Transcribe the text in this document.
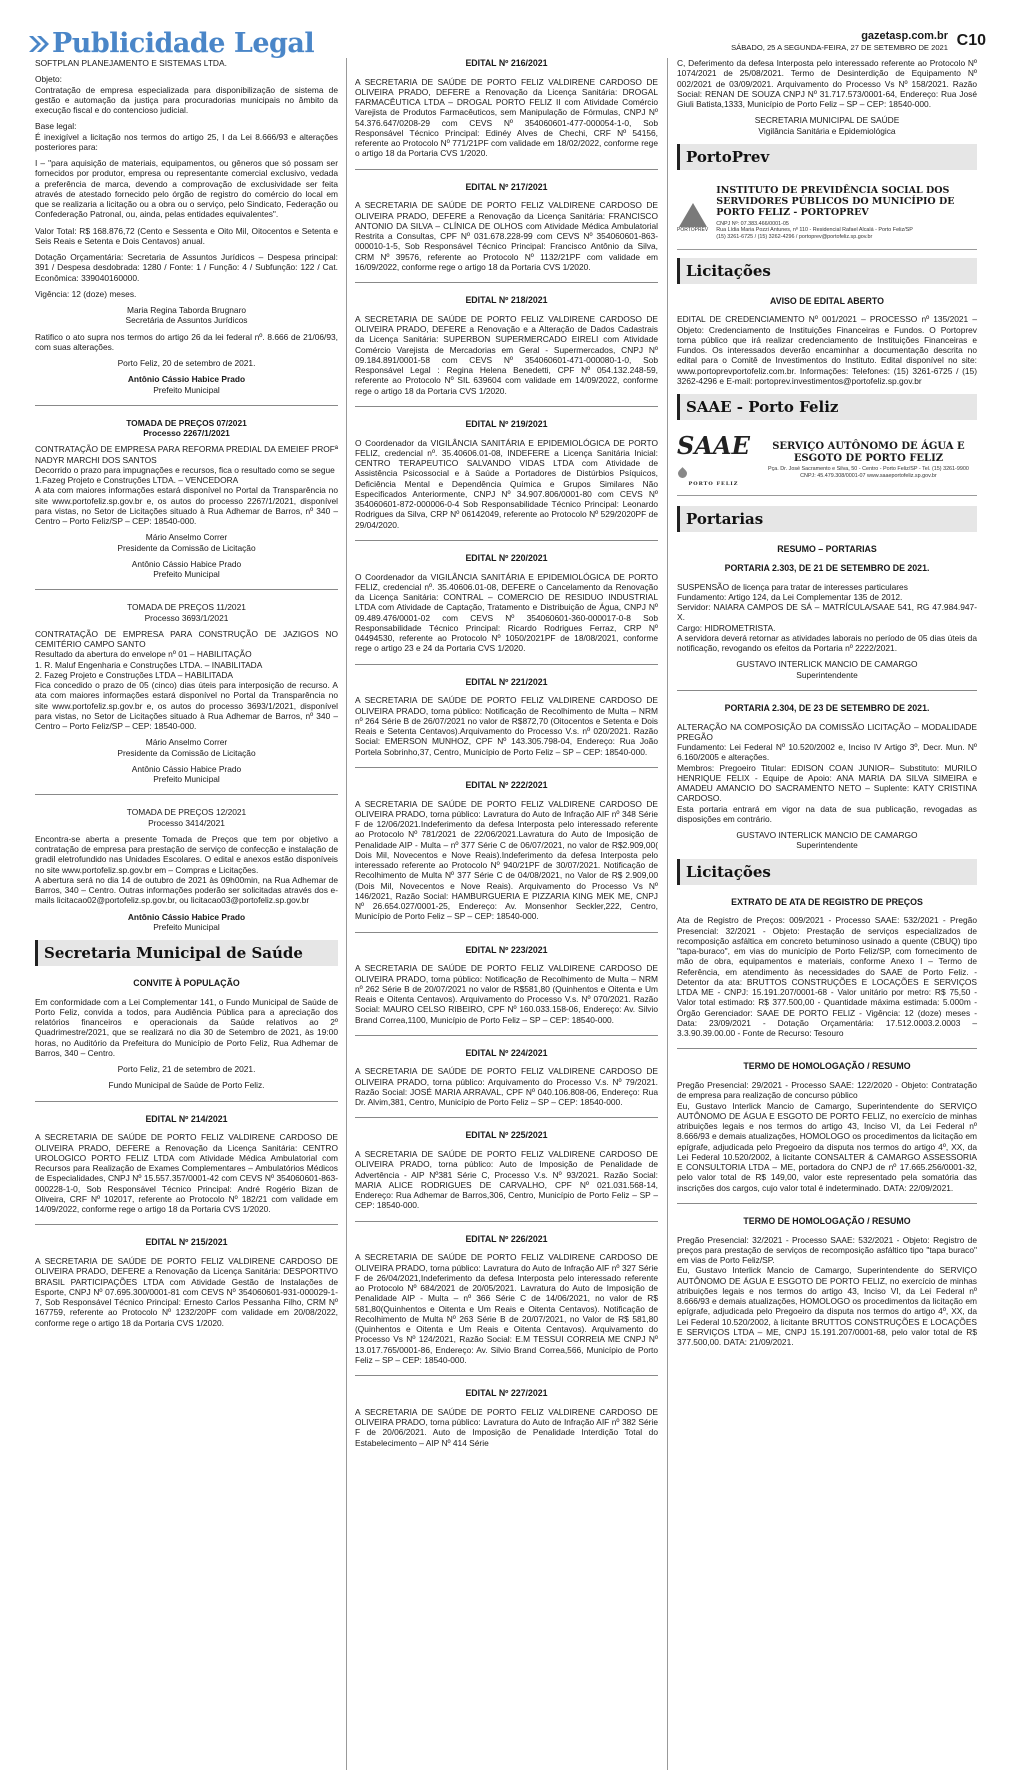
Publicidade Legal	gazetasp.com.br
SÁBADO, 25 A SEGUNDA-FEIRA, 27 DE SETEMBRO DE 2021 C10

SOFTPLAN PLANEJAMENTO E SISTEMAS LTDA.

Objeto:
Contratação de empresa especializada para disponibilização de sistema de gestão e automação da justiça para procuradorias municipais no âmbito da execução fiscal e do contencioso judicial.

Base legal:
É inexigível a licitação nos termos do artigo 25, I da Lei 8.666/93 e alterações posteriores para:

I – "para aquisição de materiais, equipamentos, ou gêneros que só possam ser fornecidos por produtor, empresa ou representante comercial exclusivo, vedada a preferência de marca, devendo a comprovação de exclusividade ser feita através de atestado fornecido pelo órgão de registro do comércio do local em que se realizaria a licitação ou a obra ou o serviço, pelo Sindicato, Federação ou Confederação Patronal, ou, ainda, pelas entidades equivalentes".

Valor Total: R$ 168.876,72 (Cento e Sessenta e Oito Mil, Oitocentos e Setenta e Seis Reais e Setenta e Dois Centavos) anual.

Dotação Orçamentária: Secretaria de Assuntos Jurídicos – Despesa principal: 391 / Despesa desdobrada: 1280 / Fonte: 1 / Função: 4 / Subfunção: 122 / Cat. Econômica: 339040160000.

Vigência: 12 (doze) meses.

Maria Regina Taborda Brugnaro
Secretária de Assuntos Jurídicos

Ratifico o ato supra nos termos do artigo 26 da lei federal nº. 8.666 de 21/06/93, com suas alterações.

Porto Feliz, 20 de setembro de 2021.

Antônio Cássio Habice Prado
Prefeito Municipal
TOMADA DE PREÇOS 07/2021
Processo 2267/1/2021

CONTRATAÇÃO DE EMPRESA PARA REFORMA PREDIAL DA EMEIEF PROFª NADYR MARCHI DOS SANTOS
Decorrido o prazo para impugnações e recursos, fica o resultado como se segue
1.Fazeg Projeto e Construções LTDA. – VENCEDORA
A ata com maiores informações estará disponível no Portal da Transparência no site www.portofeliz.sp.gov.br e, os autos do processo 2267/1/2021, disponível para vistas, no Setor de Licitações situado à Rua Adhemar de Barros, nº 340 – Centro – Porto Feliz/SP – CEP: 18540-000.

Mário Anselmo Correr
Presidente da Comissão de Licitação
Antônio Cássio Habice Prado
Prefeito Municipal
TOMADA DE PREÇOS 11/2021
Processo 3693/1/2021

CONTRATAÇÃO DE EMPRESA PARA CONSTRUÇÃO DE JAZIGOS NO CEMITÉRIO CAMPO SANTO
Resultado da abertura do envelope nº 01 – HABILITAÇÃO
1. R. Maluf Engenharia e Construções LTDA. – INABILITADA
2. Fazeg Projeto e Construções LTDA – HABILITADA
Fica concedido o prazo de 05 (cinco) dias úteis para interposição de recurso. A ata com maiores informações estará disponível no Portal da Transparência no site www.portofeliz.sp.gov.br e, os autos do processo 3693/1/2021, disponível para vistas, no Setor de Licitações situado à Rua Adhemar de Barros, nº 340 – Centro – Porto Feliz/SP – CEP: 18540-000.

Mário Anselmo Correr
Presidente da Comissão de Licitação
Antônio Cássio Habice Prado
Prefeito Municipal
TOMADA DE PREÇOS 12/2021
Processo 3414/2021

Encontra-se aberta a presente Tomada de Preços que tem por objetivo a contratação de empresa para prestação de serviço de confecção e instalação de gradil eletrofundido nas Unidades Escolares. O edital e anexos estão disponíveis no site www.portofeliz.sp.gov.br em – Compras e Licitações.
A abertura será no dia 14 de outubro de 2021 às 09h00min, na Rua Adhemar de Barros, 340 – Centro. Outras informações poderão ser solicitadas através dos e-mails licitacao02@portofeliz.sp.gov.br, ou licitacao03@portofeliz.sp.gov.br

Antônio Cássio Habice Prado
Prefeito Municipal
Secretaria Municipal de Saúde

CONVITE À POPULAÇÃO

Em conformidade com a Lei Complementar 141, o Fundo Municipal de Saúde de Porto Feliz, convida a todos, para Audiência Pública para a apreciação dos relatórios financeiros e operacionais da Saúde relativos ao 2º Quadrimestre/2021, que se realizará no dia 30 de Setembro de 2021, às 19:00 horas, no Auditório da Prefeitura do Município de Porto Feliz, Rua Adhemar de Barros, 340 – Centro.

Porto Feliz, 21 de setembro de 2021.

Fundo Municipal de Saúde de Porto Feliz.

EDITAL Nº 214/2021

A SECRETARIA DE SAÚDE DE PORTO FELIZ VALDIRENE CARDOSO DE OLIVEIRA PRADO, DEFERE a Renovação da Licença Sanitária: CENTRO UROLOGICO PORTO FELIZ LTDA com Atividade Médica Ambulatorial com Recursos para Realização de Exames Complementares – Ambulatórios Médicos de Especialidades, CNPJ Nº 15.557.357/0001-42 com CEVS Nº 354060601-863-000228-1-0, Sob Responsável Técnico Principal: André Rogério Bizan de Oliveira, CRF Nº 102017, referente ao Protocolo Nº 182/21 com validade em 14/09/2022, conforme rege o artigo 18 da Portaria CVS 1/2020.

EDITAL Nº 215/2021

A SECRETARIA DE SAÚDE DE PORTO FELIZ VALDIRENE CARDOSO DE OLIVEIRA PRADO, DEFERE a Renovação da Licença Sanitária: DESPORTIVO BRASIL PARTICIPAÇÕES LTDA com Atividade Gestão de Instalações de Esporte, CNPJ Nº 07.695.300/0001-81 com CEVS Nº 354060601-931-000029-1-7, Sob Responsável Técnico Principal: Ernesto Carlos Pessanha Filho, CRM Nº 167759, referente ao Protocolo Nº 1232/20PF com validade em 20/08/2022, conforme rege o artigo 18 da Portaria CVS 1/2020.

EDITAL Nº 216/2021

A SECRETARIA DE SAÚDE DE PORTO FELIZ VALDIRENE CARDOSO DE OLIVEIRA PRADO, DEFERE a Renovação da Licença Sanitária: DROGAL FARMACÊUTICA LTDA – DROGAL PORTO FELIZ II com Atividade Comércio Varejista de Produtos Farmacêuticos, sem Manipulação de Fórmulas, CNPJ Nº 54.376.647/0208-29 com CEVS Nº 354060601-477-000054-1-0, Sob Responsável Técnico Principal: Edinéy Alves de Chechi, CRF Nº 54156, referente ao Protocolo Nº 771/21PF com validade em 18/02/2022, conforme rege o artigo 18 da Portaria CVS 1/2020.

EDITAL Nº 217/2021

A SECRETARIA DE SAÚDE DE PORTO FELIZ VALDIRENE CARDOSO DE OLIVEIRA PRADO, DEFERE a Renovação da Licença Sanitária: FRANCISCO ANTONIO DA SILVA – CLÍNICA DE OLHOS com Atividade Médica Ambulatorial Restrita a Consultas, CPF Nº 031.678.228-99 com CEVS Nº 354060601-863-000010-1-5, Sob Responsável Técnico Principal: Francisco Antônio da Silva, CRM Nº 39576, referente ao Protocolo Nº 1132/21PF com validade em 16/09/2022, conforme rege o artigo 18 da Portaria CVS 1/2020.

EDITAL Nº 218/2021

A SECRETARIA DE SAÚDE DE PORTO FELIZ VALDIRENE CARDOSO DE OLIVEIRA PRADO, DEFERE a Renovação e a Alteração de Dados Cadastrais da Licença Sanitária: SUPERBON SUPERMERCADO EIRELI com Atividade Comércio Varejista de Mercadorias em Geral - Supermercados, CNPJ Nº 09.184.891/0001-58 com CEVS Nº 354060601-471-000080-1-0, Sob Responsável Legal : Regina Helena Benedetti, CPF Nº 054.132.248-59, referente ao Protocolo Nº SIL 639604 com validade em 14/09/2022, conforme rege o artigo 18 da Portaria CVS 1/2020.

EDITAL Nº 219/2021

O Coordenador da VIGILÂNCIA SANITÁRIA E EPIDEMIOLÓGICA DE PORTO FELIZ, credencial nº. 35.40606.01-08, INDEFERE a Licença Sanitária Inicial: CENTRO TERAPEUTICO SALVANDO VIDAS LTDA com Atividade de Assistência Psicossocial e à Saúde a Portadores de Distúrbios Psíquicos, Deficiência Mental e Dependência Química e Grupos Similares Não Especificados Anteriormente, CNPJ Nº 34.907.806/0001-80 com CEVS Nº 354060601-872-000006-0-4 Sob Responsabilidade Técnico Principal: Leonardo Rodrigues da Silva, CRP Nº 06142049, referente ao Protocolo Nº 529/2020PF de 29/04/2020.

EDITAL Nº 220/2021

O Coordenador da VIGILÂNCIA SANITÁRIA E EPIDEMIOLÓGICA DE PORTO FELIZ, credencial nº. 35.40606.01-08, DEFERE o Cancelamento da Renovação da Licença Sanitária: CONTRAL – COMERCIO DE RESIDUO INDUSTRIAL LTDA com Atividade de Captação, Tratamento e Distribuição de Água, CNPJ Nº 09.489.476/0001-02 com CEVS Nº 354060601-360-000017-0-8 Sob Responsabilidade Técnico Principal: Ricardo Rodrigues Ferraz, CRP Nº 04494530, referente ao Protocolo Nº 1050/2021PF de 18/08/2021, conforme rege o artigo 23 e 24 da Portaria CVS 1/2020.

EDITAL Nº 221/2021

A SECRETARIA DE SAÚDE DE PORTO FELIZ VALDIRENE CARDOSO DE OLIVEIRA PRADO, torna público: Notificação de Recolhimento de Multa – NRM nº 264 Série B de 26/07/2021 no valor de R$872,70 (Oitocentos e Setenta e Dois Reais e Setenta Centavos).Arquivamento do Processo V.s. nº 020/2021. Razão Social: EMERSON MUNHOZ, CPF Nº 143.305.798-04, Endereço: Rua João Portela Sobrinho,37, Centro, Município de Porto Feliz – SP – CEP: 18540-000.

EDITAL Nº 222/2021

A SECRETARIA DE SAÚDE DE PORTO FELIZ VALDIRENE CARDOSO DE OLIVEIRA PRADO, torna público: Lavratura do Auto de Infração AIF nº 348 Série F de 12/06/2021.Indeferimento da defesa Interposta pelo interessado referente ao Protocolo Nº 781/2021 de 22/06/2021.Lavratura do Auto de Imposição de Penalidade AIP - Multa – nº 377 Série C de 06/07/2021, no valor de R$2.909,00( Dois Mil, Novecentos e Nove Reais).Indeferimento da defesa Interposta pelo interessado referente ao Protocolo Nº 940/21PF de 30/07/2021. Notificação de Recolhimento de Multa Nº 377 Série C de 04/08/2021, no Valor de R$ 2.909,00 (Dois Mil, Novecentos e Nove Reais). Arquivamento do Processo Vs Nº 146/2021, Razão Social: HAMBURGUERIA E PIZZARIA KING MEK ME, CNPJ Nº 26.654.027/0001-25, Endereço: Av. Monsenhor Seckler,222, Centro, Município de Porto Feliz – SP – CEP: 18540-000.

EDITAL Nº 223/2021

A SECRETARIA DE SAÚDE DE PORTO FELIZ VALDIRENE CARDOSO DE OLIVEIRA PRADO, torna público: Notificação de Recolhimento de Multa – NRM nº 262 Série B de 20/07/2021 no valor de R$581,80 (Quinhentos e Oitenta e Um Reais e Oitenta Centavos). Arquivamento do Processo V.s. Nº 070/2021. Razão Social: MAURO CELSO RIBEIRO, CPF Nº 160.033.158-06, Endereço: Av. Silvio Brand Correa,1100, Município de Porto Feliz – SP – CEP: 18540-000.

EDITAL Nº 224/2021

A SECRETARIA DE SAÚDE DE PORTO FELIZ VALDIRENE CARDOSO DE OLIVEIRA PRADO, torna público: Arquivamento do Processo V.s. Nº 79/2021. Razão Social: JOSÉ MARIA ARRAVAL, CPF Nº 040.106.808-06, Endereço: Rua Dr. Alvim,381, Centro, Município de Porto Feliz – SP – CEP: 18540-000.

EDITAL Nº 225/2021

A SECRETARIA DE SAÚDE DE PORTO FELIZ VALDIRENE CARDOSO DE OLIVEIRA PRADO, torna público: Auto de Imposição de Penalidade de Advertência - AIP Nº381 Série C, Processo V.s. Nº 93/2021. Razão Social: MARIA ALICE RODRIGUES DE CARVALHO, CPF Nº 021.031.568-14, Endereço: Rua Adhemar de Barros,306, Centro, Município de Porto Feliz – SP – CEP: 18540-000.

EDITAL Nº 226/2021

A SECRETARIA DE SAÚDE DE PORTO FELIZ VALDIRENE CARDOSO DE OLIVEIRA PRADO, torna público: Lavratura do Auto de Infração AIF nº 327 Série F de 26/04/2021,Indeferimento da defesa Interposta pelo interessado referente ao Protocolo Nº 684/2021 de 20/05/2021. Lavratura do Auto de Imposição de Penalidade AIP - Multa – nº 366 Série C de 14/06/2021, no valor de R$ 581,80(Quinhentos e Oitenta e Um Reais e Oitenta Centavos). Notificação de Recolhimento de Multa Nº 263 Série B de 20/07/2021, no Valor de R$ 581,80 (Quinhentos e Oitenta e Um Reais e Oitenta Centavos). Arquivamento do Processo Vs Nº 124/2021, Razão Social: E.M TESSUI CORREIA ME CNPJ Nº 13.017.765/0001-86, Endereço: Av. Silvio Brand Correa,566, Município de Porto Feliz – SP – CEP: 18540-000.

EDITAL Nº 227/2021

A SECRETARIA DE SAÚDE DE PORTO FELIZ VALDIRENE CARDOSO DE OLIVEIRA PRADO, torna público: Lavratura do Auto de Infração AIF nº 382 Série F de 20/06/2021. Auto de Imposição de Penalidade Interdição Total do Estabelecimento – AIP Nº 414 Série

C, Deferimento da defesa Interposta pelo interessado referente ao Protocolo Nº 1074/2021 de 25/08/2021. Termo de Desinterdição de Equipamento Nº 002/2021 de 03/09/2021. Arquivamento do Processo Vs Nº 158/2021. Razão Social: RENAN DE SOUZA CNPJ Nº 31.717.573/0001-64, Endereço: Rua José Giuli Batista,1333, Município de Porto Feliz – SP – CEP: 18540-000.

SECRETARIA MUNICIPAL DE SAÚDE
Vigilância Sanitária e Epidemiológica
PortoPrev
PORTOPREV
INSTITUTO DE PREVIDÊNCIA SOCIAL DOS SERVIDORES PÚBLICOS DO MUNICÍPIO DE PORTO FELIZ - PORTOPREV
CNPJ Nº: 07.383.466/0001-05
Rua Lídia Maria Pozzi Antunes, nº 110 - Residencial Rafael Alcalá - Porto Feliz/SP
(15) 3261-6725 / (15) 3262-4296 / portoprev@portofeliz.sp.gov.br
Licitações

AVISO DE EDITAL ABERTO

EDITAL DE CREDENCIAMENTO Nº 001/2021 – PROCESSO nº 135/2021 – Objeto: Credenciamento de Instituições Financeiras e Fundos. O Portoprev torna público que irá realizar credenciamento de Instituições Financeiras e Fundos. Os interessados deverão encaminhar a documentação descrita no edital para o Comitê de Investimentos do Instituto. Edital disponível no site: www.portoprevportofeliz.com.br. Informações: Telefones: (15) 3261-6725 / (15) 3262-4296 e E-mail: portoprev.investimentos@portofeliz.sp.gov.br

SAAE - Porto Feliz
SAAE
PORTO FELIZ
SERVIÇO AUTÔNOMO DE ÁGUA E ESGOTO DE PORTO FELIZ
Pça. Dr. José Sacramento e Silva, 50 - Centro - Porto Feliz/SP - Tel. (15) 3261-9900
CNPJ: 45.479.308/0001-07 www.saaeportofeliz.sp.gov.br
Portarias

RESUMO – PORTARIAS

PORTARIA 2.303, DE 21 DE SETEMBRO DE 2021.

SUSPENSÃO de licença para tratar de interesses particulares
Fundamento: Artigo 124, da Lei Complementar 135 de 2012.
Servidor: NAIARA CAMPOS DE SÁ – MATRÍCULA/SAAE 541, RG 47.984.947-X.
Cargo: HIDROMETRISTA.
A servidora deverá retornar as atividades laborais no período de 05 dias úteis da notificação, revogando os efeitos da Portaria nº 2222/2021.

GUSTAVO INTERLICK MANCIO DE CAMARGO
Superintendente

PORTARIA 2.304, DE 23 DE SETEMBRO DE 2021.

ALTERAÇÃO NA COMPOSIÇÃO DA COMISSÃO LICITAÇÃO – MODALIDADE PREGÃO
Fundamento: Lei Federal Nº 10.520/2002 e, Inciso IV Artigo 3º, Decr. Mun. Nº 6.160/2005 e alterações.
Membros: Pregoeiro Titular: EDISON COAN JUNIOR– Substituto: MURILO HENRIQUE FELIX - Equipe de Apoio: ANA MARIA DA SILVA SIMEIRA e AMADEU AMANCIO DO SACRAMENTO NETO – Suplente: KATY CRISTINA CARDOSO.
Esta portaria entrará em vigor na data de sua publicação, revogadas as disposições em contrário.

GUSTAVO INTERLICK MANCIO DE CAMARGO
Superintendente
Licitações

EXTRATO DE ATA DE REGISTRO DE PREÇOS

Ata de Registro de Preços: 009/2021 - Processo SAAE: 532/2021 - Pregão Presencial: 32/2021 - Objeto: Prestação de serviços especializados de recomposição asfáltica em concreto betuminoso usinado a quente (CBUQ) tipo "tapa-buraco", em vias do município de Porto Feliz/SP, com fornecimento de mão de obra, equipamentos e materiais, conforme Anexo I – Termo de Referência, em atendimento às necessidades do SAAE de Porto Feliz. - Detentor da ata: BRUTTOS CONSTRUÇÕES E LOCAÇÕES E SERVIÇOS LTDA ME - CNPJ: 15.191.207/0001-68 - Valor unitário por metro: R$ 75,50 - Valor total estimado: R$ 377.500,00 - Quantidade máxima estimada: 5.000m - Órgão Gerenciador: SAAE DE PORTO FELIZ - Vigência: 12 (doze) meses - Data: 23/09/2021 - Dotação Orçamentária: 17.512.0003.2.0003 – 3.3.90.39.00.00 - Fonte de Recurso: Tesouro

TERMO DE HOMOLOGAÇÃO / RESUMO

Pregão Presencial: 29/2021 - Processo SAAE: 122/2020 - Objeto: Contratação de empresa para realização de concurso público
Eu, Gustavo Interlick Mancio de Camargo, Superintendente do SERVIÇO AUTÔNOMO DE ÁGUA E ESGOTO DE PORTO FELIZ, no exercício de minhas atribuições legais e nos termos do artigo 43, Inciso VI, da Lei Federal nº 8.666/93 e demais atualizações, HOMOLOGO os procedimentos da licitação em epígrafe, adjudicada pelo Pregoeiro da disputa nos termos do artigo 4º, XX, da Lei Federal 10.520/2002, à licitante CONSALTER & CAMARGO ASSESSORIA E CONSULTORIA LTDA – ME, portadora do CNPJ de nº 17.665.256/0001-32, pelo valor total de R$ 149,00, valor este representado pela somatória das inscrições dos cargos, cujo valor total é indeterminado. DATA: 22/09/2021.

TERMO DE HOMOLOGAÇÃO / RESUMO

Pregão Presencial: 32/2021 - Processo SAAE: 532/2021 - Objeto: Registro de preços para prestação de serviços de recomposição asfáltico tipo "tapa buraco" em vias de Porto Feliz/SP.
Eu, Gustavo Interlick Mancio de Camargo, Superintendente do SERVIÇO AUTÔNOMO DE ÁGUA E ESGOTO DE PORTO FELIZ, no exercício de minhas atribuições legais e nos termos do artigo 43, Inciso VI, da Lei Federal nº 8.666/93 e demais atualizações, HOMOLOGO os procedimentos da licitação em epígrafe, adjudicada pelo Pregoeiro da disputa nos termos do artigo 4º, XX, da Lei Federal 10.520/2002, à licitante BRUTTOS CONSTRUÇÕES E LOCAÇÕES E SERVIÇOS LTDA – ME, CNPJ 15.191.207/0001-68, pelo valor total de R$ 377.500,00. DATA: 21/09/2021.
